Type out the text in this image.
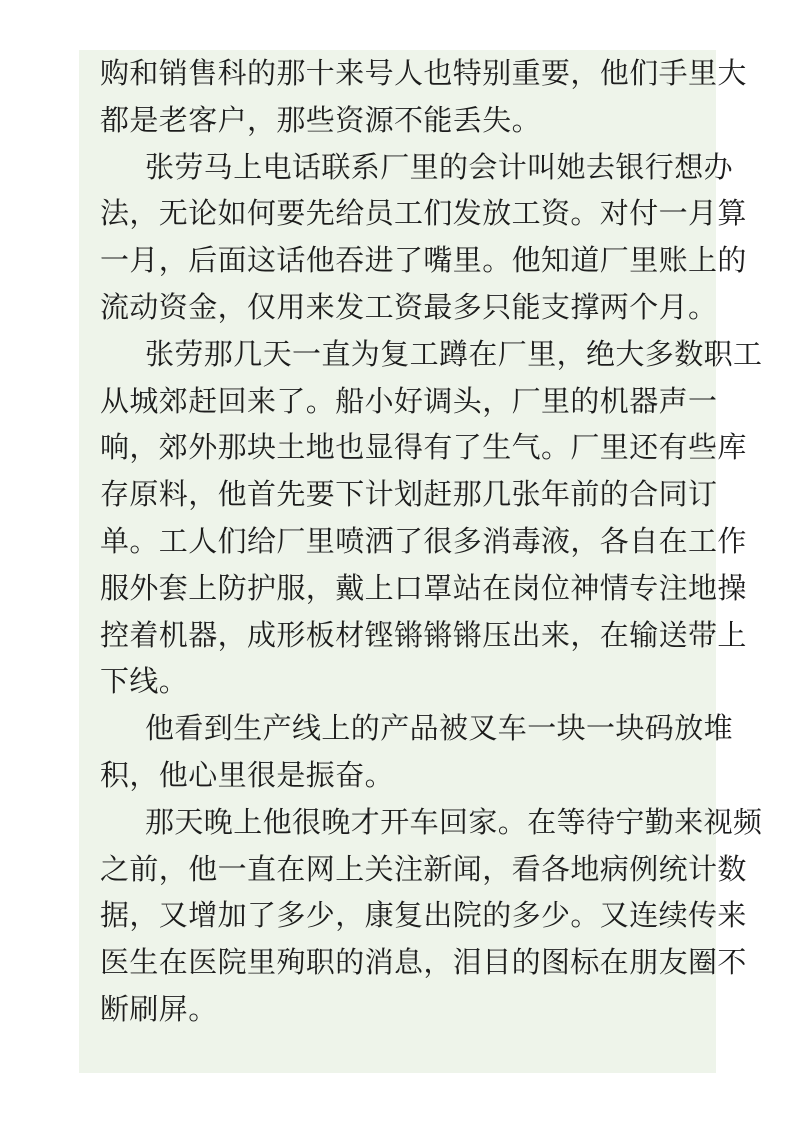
购和销售科的那十来号人也特别重要，他们手里大
都是老客户，那些资源不能丢失。
张劳马上电话联系厂里的会计叫她去银行想办
法，无论如何要先给员工们发放工资。对付一月算
一月，后面这话他吞进了嘴里。他知道厂里账上的
流动资金，仅用来发工资最多只能支撑两个月。
张劳那几天一直为复工蹲在厂里，绝大多数职工
从城郊赶回来了。船小好调头，厂里的机器声一
响，郊外那块土地也显得有了生气。厂里还有些库
存原料，他首先要下计划赶那几张年前的合同订
单。工人们给厂里喷洒了很多消毒液，各自在工作
服外套上防护服，戴上口罩站在岗位神情专注地操
控着机器，成形板材铿锵锵锵压出来，在输送带上
下线。
他看到生产线上的产品被叉车一块一块码放堆
积，他心里很是振奋。
那天晚上他很晚才开车回家。在等待宁勤来视频
之前，他一直在网上关注新闻，看各地病例统计数
据，又增加了多少，康复出院的多少。又连续传来
医生在医院里殉职的消息，泪目的图标在朋友圈不
断刷屏。
